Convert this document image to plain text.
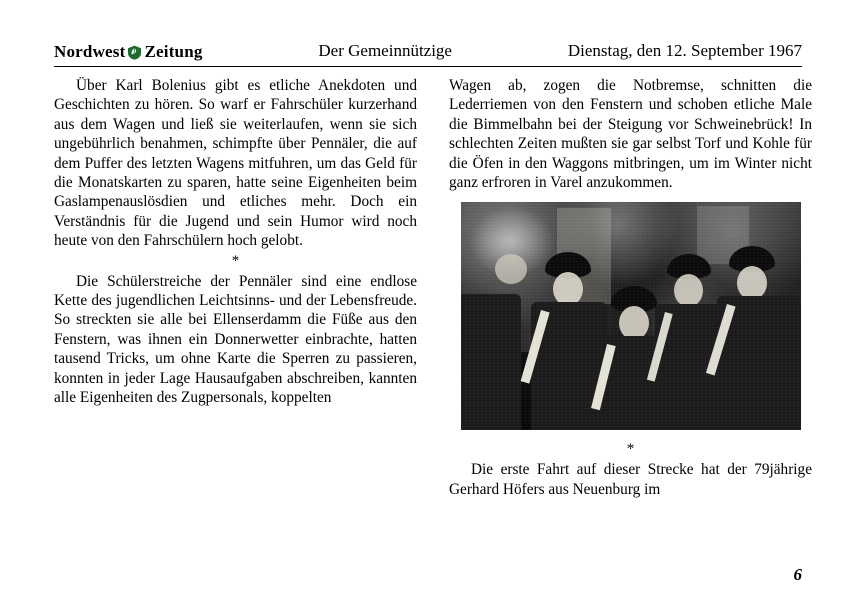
Nordwest Zeitung	Der Gemeinnützige	Dienstag, den 12. September 1967

Über Karl Bolenius gibt es etliche Anekdoten und Geschichten zu hören. So warf er Fahrschüler kurzerhand aus dem Wagen und ließ sie weiterlaufen, wenn sie sich ungebührlich benahmen, schimpfte über Pennäler, die auf dem Puffer des letzten Wagens mitfuhren, um das Geld für die Monatskarten zu sparen, hatte seine Eigenheiten beim Gaslampenauslösdien und etliches mehr. Doch ein Verständnis für die Jugend und sein Humor wird noch heute von den Fahrschülern hoch gelobt.

*

Die Schülerstreiche der Pennäler sind eine endlose Kette des jugendlichen Leichtsinns- und der Lebensfreude. So streckten sie alle bei Ellenserdamm die Füße aus den Fenstern, was ihnen ein Donnerwetter einbrachte, hatten tausend Tricks, um ohne Karte die Sperren zu passieren, konnten in jeder Lage Hausaufgaben abschreiben, kannten alle Eigenheiten des Zugpersonals, koppelten

Wagen ab, zogen die Notbremse, schnitten die Lederriemen von den Fenstern und schoben etliche Male die Bimmelbahn bei der Steigung vor Schweinebrück! In schlechten Zeiten mußten sie gar selbst Torf und Kohle für die Öfen in den Waggons mitbringen, um im Winter nicht ganz erfroren in Varel anzukommen.

*

Die erste Fahrt auf dieser Strecke hat der 79jährige Gerhard Höfers aus Neuenburg im

6
